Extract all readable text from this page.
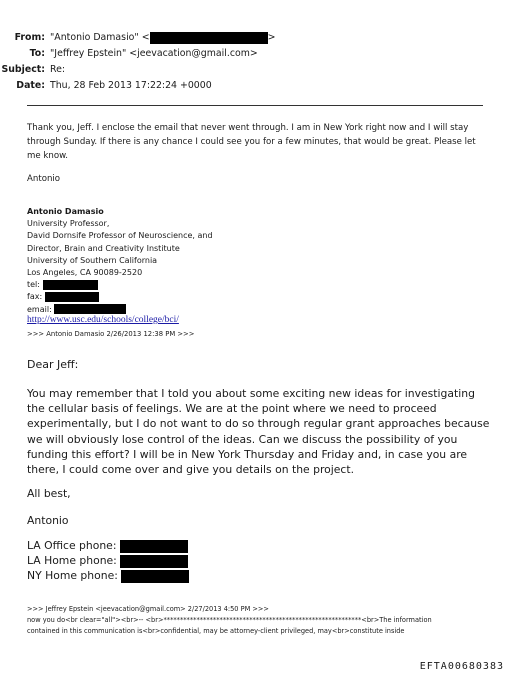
From: "Antonio Damasio" <	>
To: "Jeffrey Epstein" <jeevacation@gmail.com>
Subject: Re:
Date: Thu, 28 Feb 2013 17:22:24 +0000
Thank you, Jeff. I enclose the email that never went through. I am in New York right now and I will stay
through Sunday. If there is any chance I could see you for a few minutes, that would be great. Please let
me know.
Antonio
Antonio Damasio
University Professor,
David Dornsife Professor of Neuroscience, and
Director, Brain and Creativity Institute
University of Southern California
Los Angeles, CA 90089-2520
tel:
fax:
email:
http://www.usc.edu/schools/college/bci/
>>> Antonio Damasio 2/26/2013 12:38 PM >>>
Dear Jeff:
You may remember that I told you about some exciting new ideas for investigating the cellular basis of feelings. We are at the point where we need to proceed experimentally, but I do not want to do so through regular grant approaches because we will obviously lose control of the ideas. Can we discuss the possibility of you funding this effort? I will be in New York Thursday and Friday and, in case you are there, I could come over and give you details on the project.
All best,
Antonio
LA Office phone:
LA Home phone:
NY Home phone:
>>> Jeffrey Epstein <jeevacation@gmail.com> 2/27/2013 4:50 PM >>>
now you do<br clear="all"><br>-- <br>************************************************************<br>The information
contained in this communication is<br>confidential, may be attorney-client privileged, may<br>constitute inside
EFTA00680383
